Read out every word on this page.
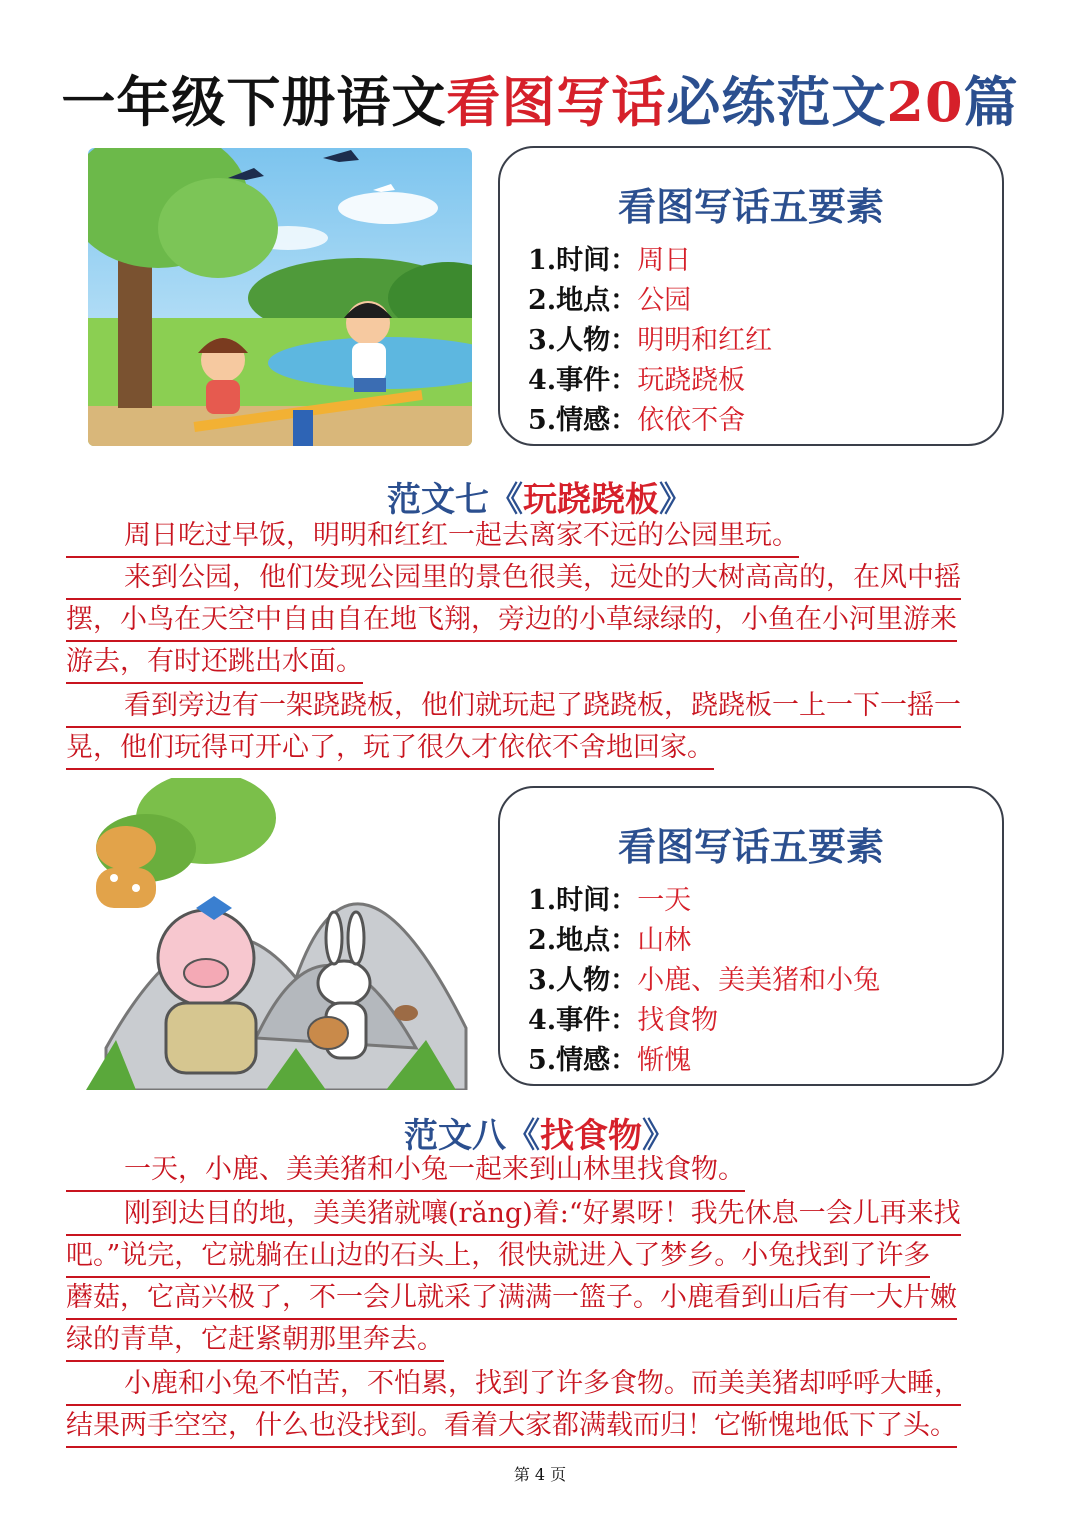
一年级下册语文看图写话必练范文20篇
看图写话五要素
1.时间：周日
2.地点：公园
3.人物：明明和红红
4.事件：玩跷跷板
5.情感：依依不舍
范文七《玩跷跷板》
周日吃过早饭，明明和红红一起去离家不远的公园里玩。
来到公园，他们发现公园里的景色很美，远处的大树高高的，在风中摇
摆，小鸟在天空中自由自在地飞翔，旁边的小草绿绿的，小鱼在小河里游来
游去，有时还跳出水面。
看到旁边有一架跷跷板，他们就玩起了跷跷板，跷跷板一上一下一摇一
晃，他们玩得可开心了，玩了很久才依依不舍地回家。
看图写话五要素
1.时间：一天
2.地点：山林
3.人物：小鹿、美美猪和小兔
4.事件：找食物
5.情感：惭愧
范文八《找食物》
一天，小鹿、美美猪和小兔一起来到山林里找食物。
刚到达目的地，美美猪就嚷(rǎng)着:“好累呀！我先休息一会儿再来找
吧。”说完，它就躺在山边的石头上，很快就进入了梦乡。小兔找到了许多
蘑菇，它高兴极了，不一会儿就采了满满一篮子。小鹿看到山后有一大片嫩
绿的青草，它赶紧朝那里奔去。
小鹿和小兔不怕苦，不怕累，找到了许多食物。而美美猪却呼呼大睡，
结果两手空空，什么也没找到。看着大家都满载而归！它惭愧地低下了头。
第 4 页
